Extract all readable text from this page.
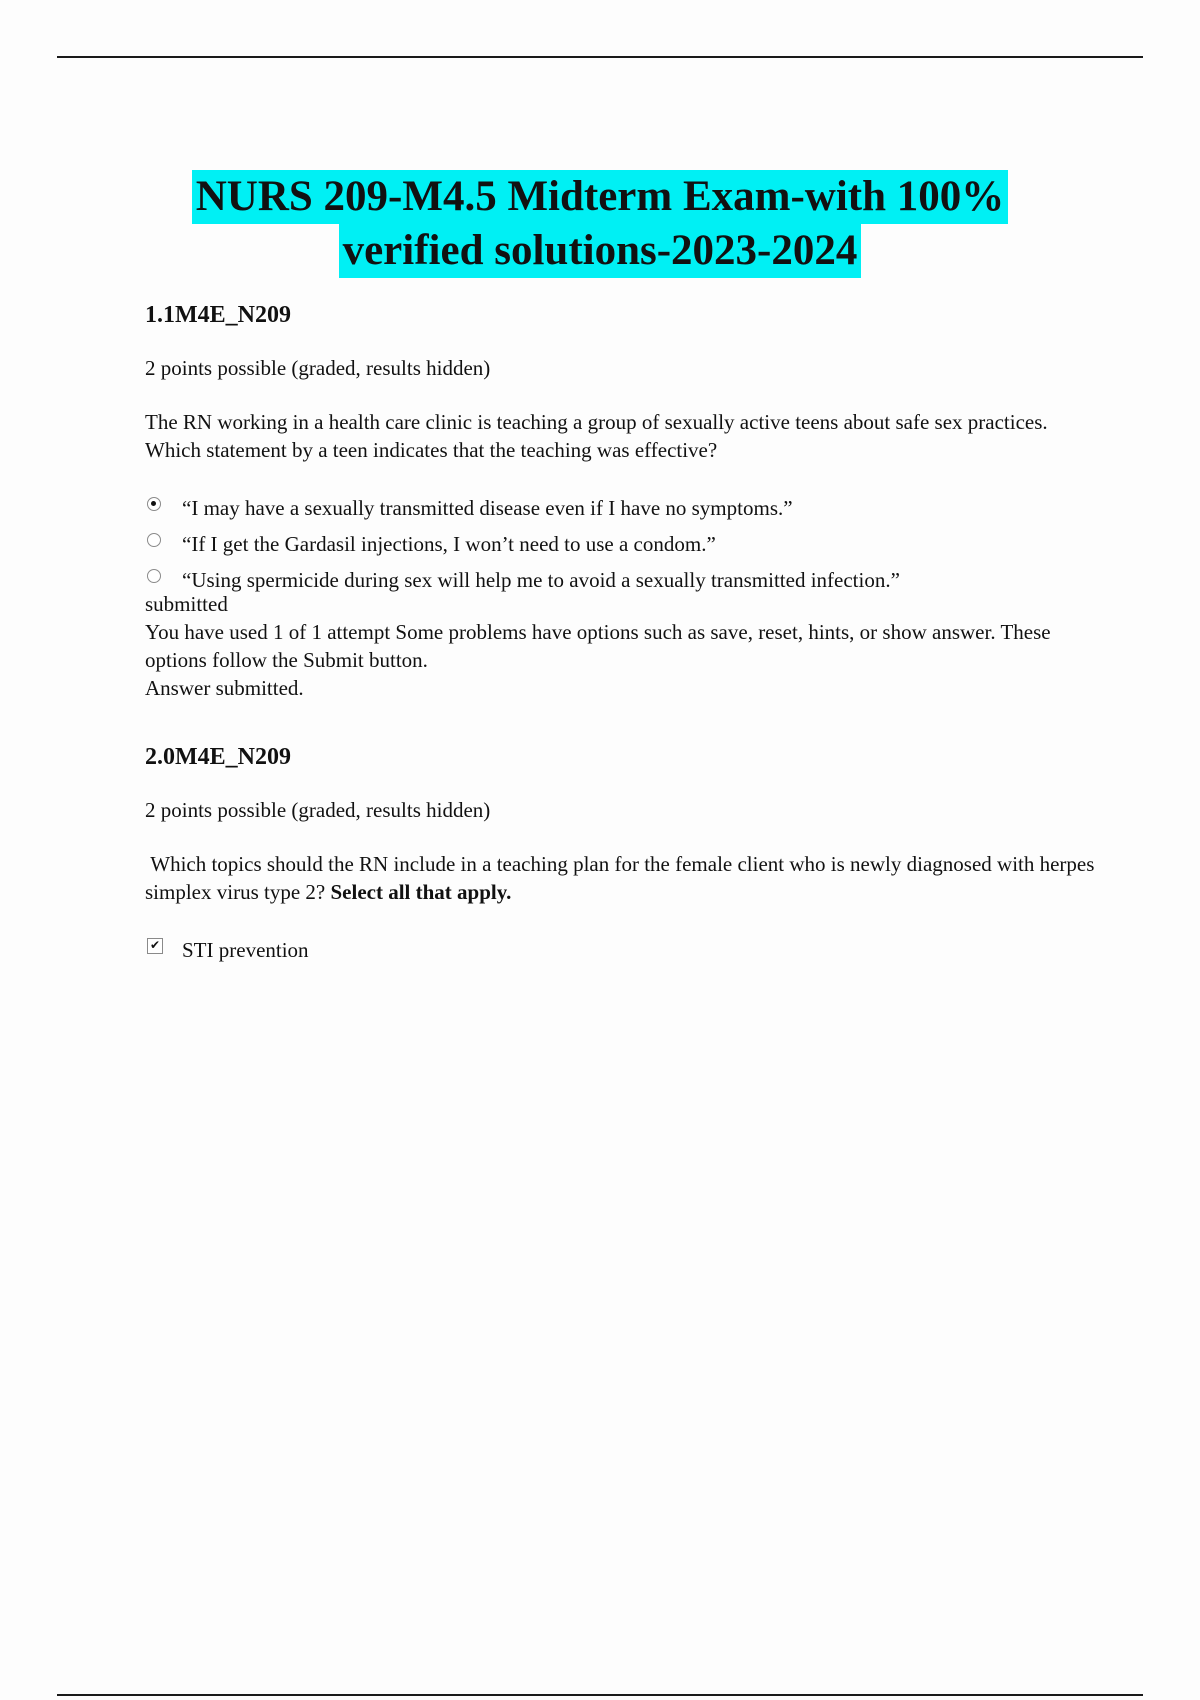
NURS 209-M4.5 Midterm Exam-with 100%
verified solutions-2023-2024
1.1M4E_N209
2 points possible (graded, results hidden)
The RN working in a health care clinic is teaching a group of sexually active teens about safe sex practices. Which statement by a teen indicates that the teaching was effective?
“I may have a sexually transmitted disease even if I have no symptoms.”
“If I get the Gardasil injections, I won’t need to use a condom.”
“Using spermicide during sex will help me to avoid a sexually transmitted infection.”
submitted
You have used 1 of 1 attempt Some problems have options such as save, reset, hints, or show answer. These options follow the Submit button.
Answer submitted.
2.0M4E_N209
2 points possible (graded, results hidden)
Which topics should the RN include in a teaching plan for the female client who is newly diagnosed with herpes simplex virus type 2? Select all that apply.
✔ STI prevention
